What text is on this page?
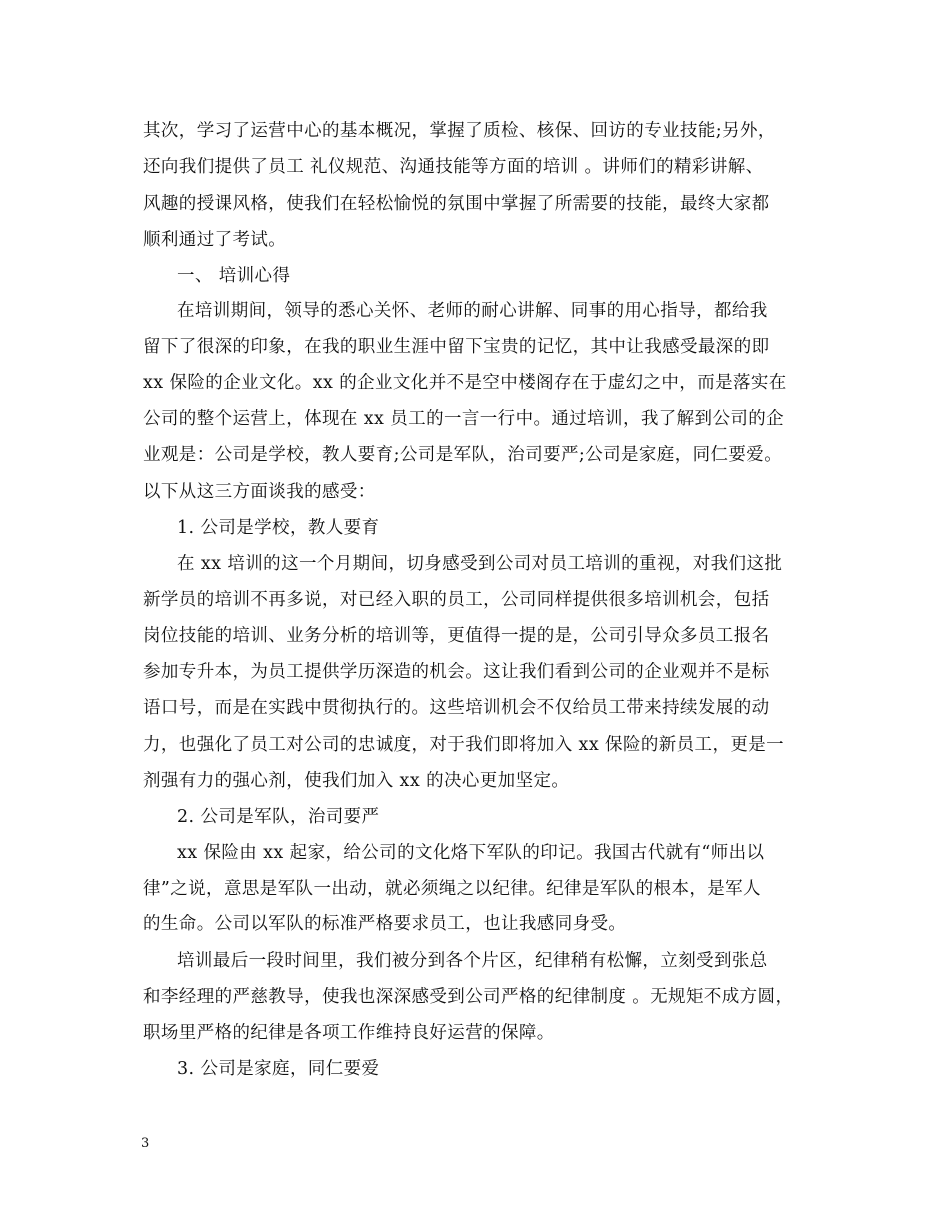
其次，学习了运营中心的基本概况，掌握了质检、核保、回访的专业技能;另外，
还向我们提供了员工 礼仪规范、沟通技能等方面的培训 。讲师们的精彩讲解、
风趣的授课风格，使我们在轻松愉悦的氛围中掌握了所需要的技能，最终大家都
顺利通过了考试。
一、 培训心得
在培训期间，领导的悉心关怀、老师的耐心讲解、同事的用心指导，都给我
留下了很深的印象，在我的职业生涯中留下宝贵的记忆，其中让我感受最深的即
xx 保险的企业文化。xx 的企业文化并不是空中楼阁存在于虚幻之中，而是落实在
公司的整个运营上，体现在 xx 员工的一言一行中。通过培训，我了解到公司的企
业观是：公司是学校，教人要育;公司是军队，治司要严;公司是家庭，同仁要爱。
以下从这三方面谈我的感受：
1. 公司是学校，教人要育
在 xx 培训的这一个月期间，切身感受到公司对员工培训的重视，对我们这批
新学员的培训不再多说，对已经入职的员工，公司同样提供很多培训机会，包括
岗位技能的培训、业务分析的培训等，更值得一提的是，公司引导众多员工报名
参加专升本，为员工提供学历深造的机会。这让我们看到公司的企业观并不是标
语口号，而是在实践中贯彻执行的。这些培训机会不仅给员工带来持续发展的动
力，也强化了员工对公司的忠诚度，对于我们即将加入 xx 保险的新员工，更是一
剂强有力的强心剂，使我们加入 xx 的决心更加坚定。
2. 公司是军队，治司要严
xx 保险由 xx 起家，给公司的文化烙下军队的印记。我国古代就有“师出以
律”之说，意思是军队一出动，就必须绳之以纪律。纪律是军队的根本，是军人
的生命。公司以军队的标准严格要求员工，也让我感同身受。
培训最后一段时间里，我们被分到各个片区，纪律稍有松懈，立刻受到张总
和李经理的严慈教导，使我也深深感受到公司严格的纪律制度 。无规矩不成方圆，
职场里严格的纪律是各项工作维持良好运营的保障。
3. 公司是家庭，同仁要爱
3
